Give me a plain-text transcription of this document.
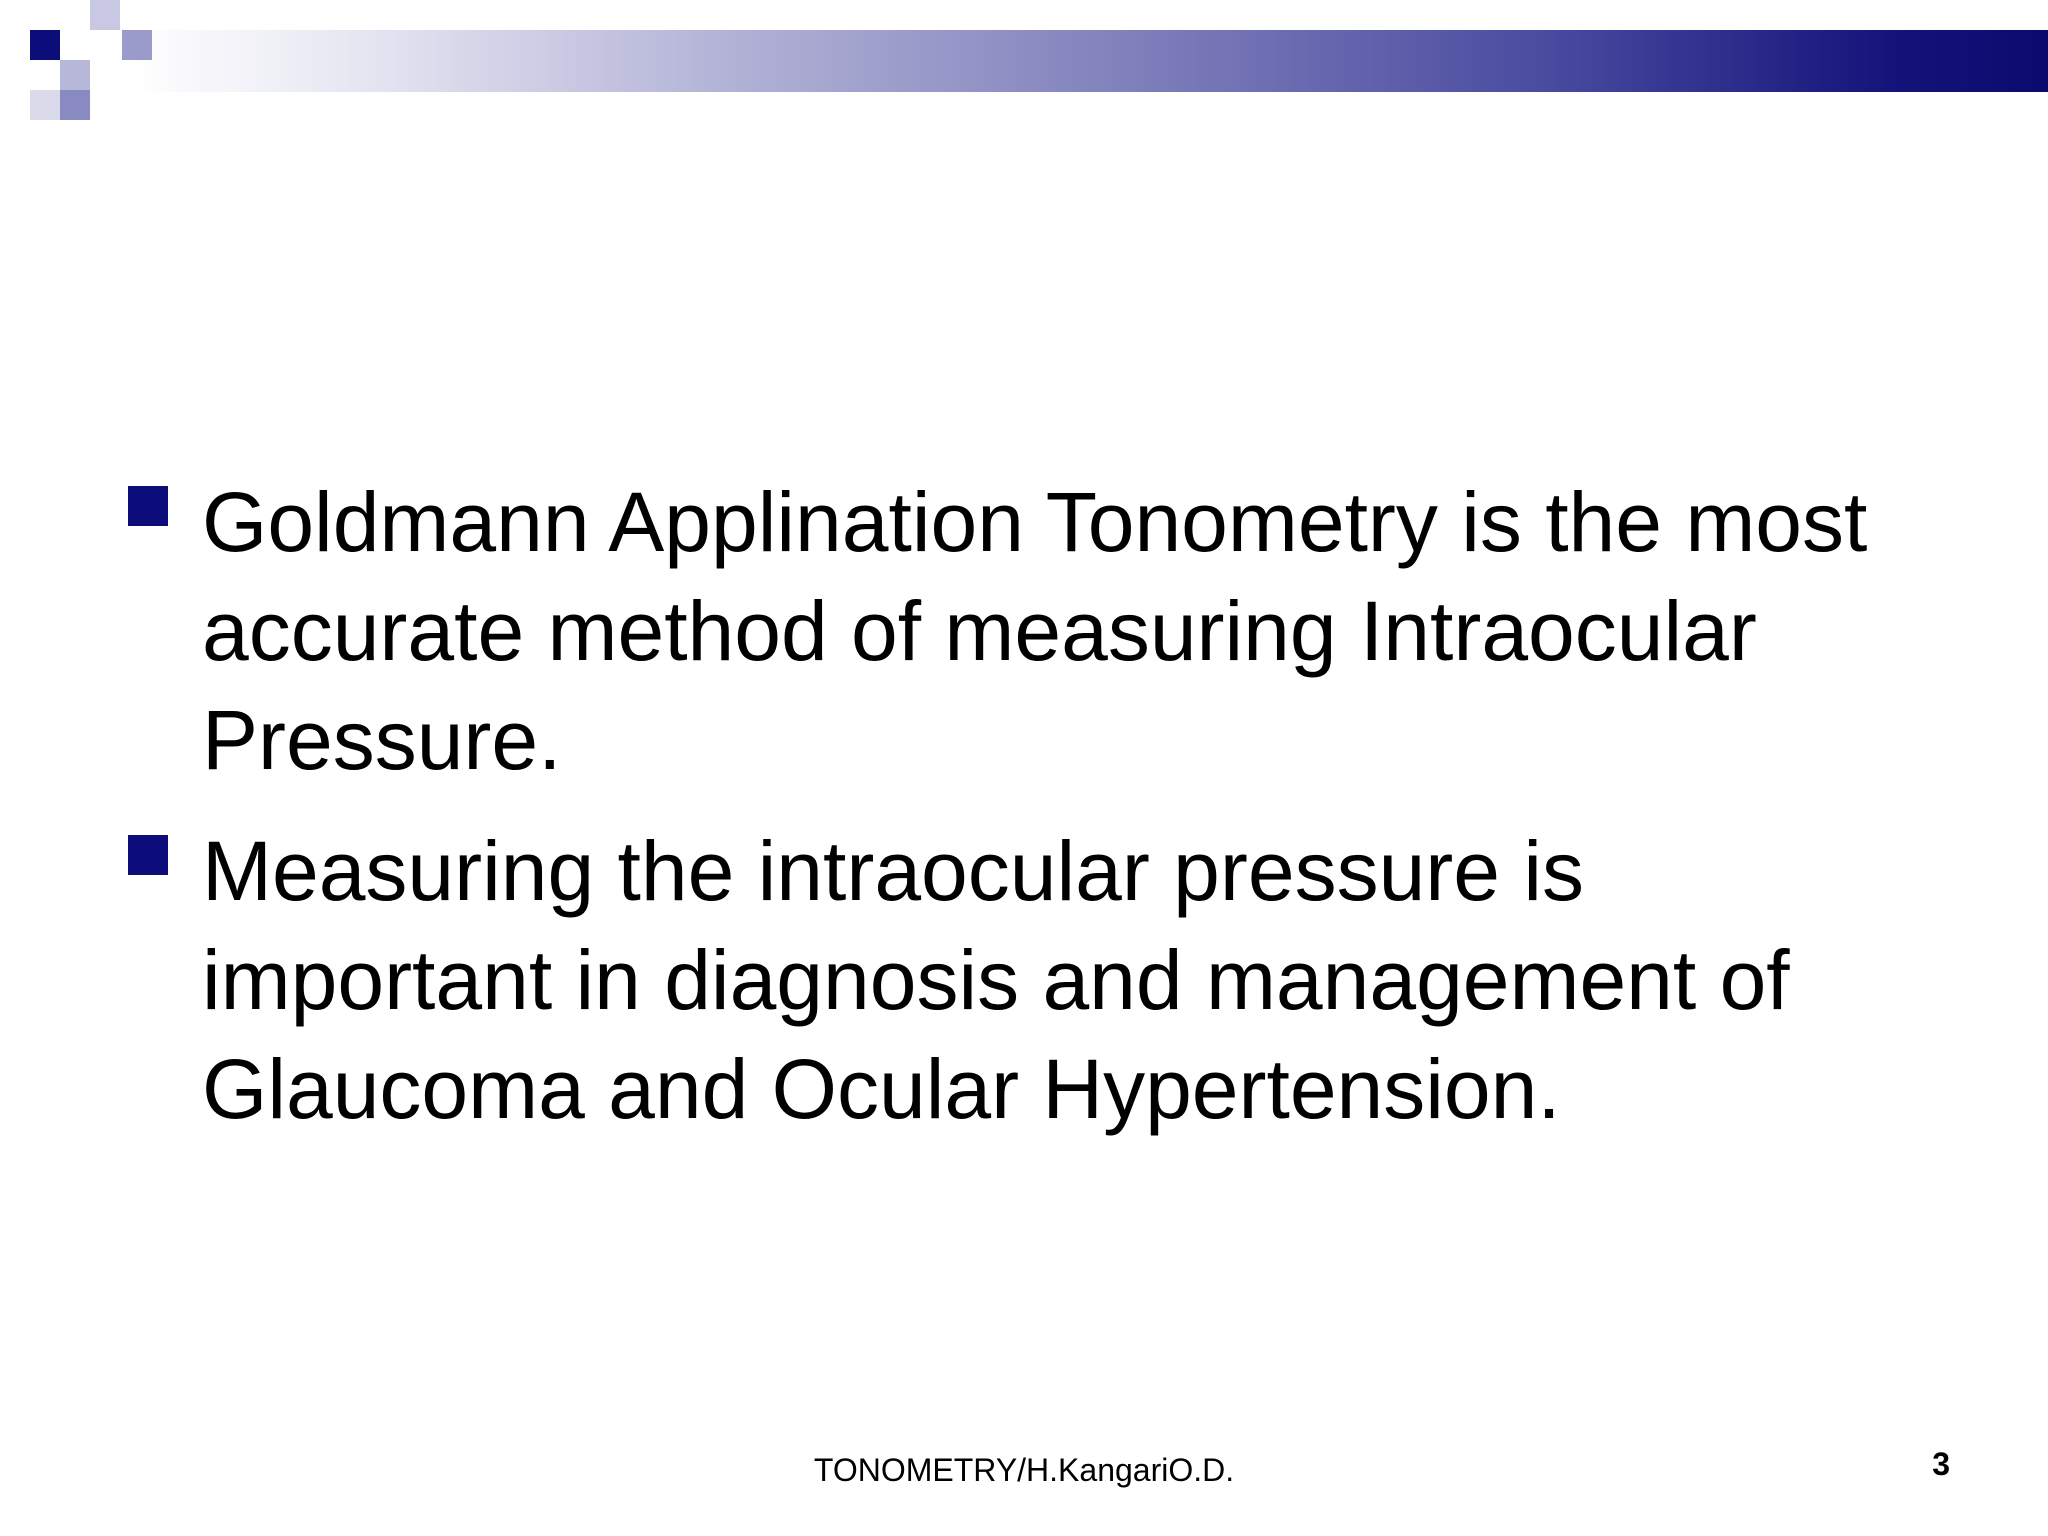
Goldmann Applination Tonometry is the most accurate method of measuring Intraocular Pressure.
Measuring the intraocular pressure is important in diagnosis and management of Glaucoma and Ocular Hypertension.
TONOMETRY/H.KangariO.D.	3
